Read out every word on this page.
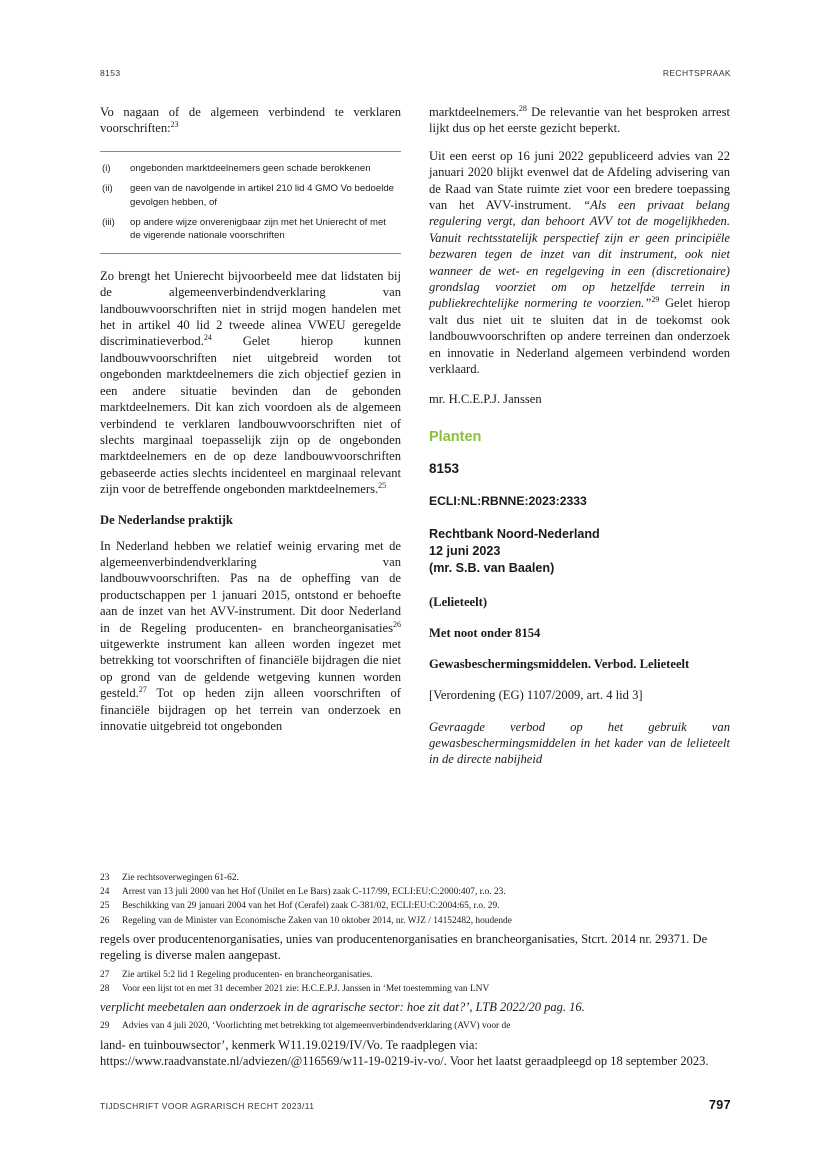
8153	RECHTSPRAAK

Vo nagaan of de algemeen verbindend te verklaren voorschriften:$^{23}$

(i)	ongebonden marktdeelnemers geen schade berokkenen
(ii)	geen van de navolgende in artikel 210 lid 4 GMO Vo bedoelde gevolgen hebben, of
(iii)	op andere wijze onverenigbaar zijn met het Unierecht of met de vigerende nationale voorschriften

Zo brengt het Unierecht bijvoorbeeld mee dat lidstaten bij de algemeenverbindendverklaring van landbouwvoorschriften niet in strijd mogen handelen met het in artikel 40 lid 2 tweede alinea VWEU geregelde discriminatieverbod.$^{24}$ Gelet hierop kunnen landbouwvoorschriften niet uitgebreid worden tot ongebonden marktdeelnemers die zich objectief gezien in een andere situatie bevinden dan de gebonden marktdeelnemers. Dit kan zich voordoen als de algemeen verbindend te verklaren landbouwvoorschriften niet of slechts marginaal toepasselijk zijn op de ongebonden marktdeelnemers en de op deze landbouwvoorschriften gebaseerde acties slechts incidenteel en marginaal relevant zijn voor de betreffende ongebonden marktdeelnemers.$^{25}$

De Nederlandse praktijk

In Nederland hebben we relatief weinig ervaring met de algemeenverbindendverklaring van landbouwvoorschriften. Pas na de opheffing van de productschappen per 1 januari 2015, ontstond er behoefte aan de inzet van het AVV-instrument. Dit door Nederland in de Regeling producenten- en brancheorganisaties$^{26}$ uitgewerkte instrument kan alleen worden ingezet met betrekking tot voorschriften of financiële bijdragen die niet op grond van de geldende wetgeving kunnen worden gesteld.$^{27}$ Tot op heden zijn alleen voorschriften of financiële bijdragen op het terrein van onderzoek en innovatie uitgebreid tot ongebonden

marktdeelnemers.$^{28}$ De relevantie van het besproken arrest lijkt dus op het eerste gezicht beperkt.

Uit een eerst op 16 juni 2022 gepubliceerd advies van 22 januari 2020 blijkt evenwel dat de Afdeling advisering van de Raad van State ruimte ziet voor een bredere toepassing van het AVV-instrument. “Als een privaat belang regulering vergt, dan behoort AVV tot de mogelijkheden. Vanuit rechtsstatelijk perspectief zijn er geen principiële bezwaren tegen de inzet van dit instrument, ook niet wanneer de wet- en regelgeving in een (discretionaire) grondslag voorziet om op hetzelfde terrein in publiekrechtelijke normering te voorzien.”$^{29}$ Gelet hierop valt dus niet uit te sluiten dat in de toekomst ook landbouwvoorschriften op andere terreinen dan onderzoek en innovatie in Nederland algemeen verbindend worden verklaard.

mr. H.C.E.P.J. Janssen
Planten
8153
ECLI:NL:RBNNE:2023:2333
Rechtbank Noord-Nederland
12 juni 2023
(mr. S.B. van Baalen)
(Lelieteelt)
Met noot onder 8154
Gewasbeschermingsmiddelen. Verbod. Lelieteelt
[Verordening (EG) 1107/2009, art. 4 lid 3]
Gevraagde verbod op het gebruik van gewasbeschermingsmiddelen in het kader van de lelieteelt in de directe nabijheid
23	Zie rechtsoverwegingen 61-62.
24	Arrest van 13 juli 2000 van het Hof (Unilet en Le Bars) zaak C-117/99, ECLI:EU:C:2000:407, r.o. 23.
25	Beschikking van 29 januari 2004 van het Hof (Cerafel) zaak C-381/02, ECLI:EU:C:2004:65, r.o. 29.
26	Regeling van de Minister van Economische Zaken van 10 oktober 2014, nr. WJZ / 14152482, houdende
regels over producentenorganisaties, unies van producentenorganisaties en brancheorganisaties, Stcrt. 2014 nr. 29371. De regeling is diverse malen aangepast.
27	Zie artikel 5:2 lid 1 Regeling producenten- en brancheorganisaties.
28	Voor een lijst tot en met 31 december 2021 zie: H.C.E.P.J. Janssen in ‘Met toestemming van LNV
verplicht meebetalen aan onderzoek in de agrarische sector: hoe zit dat?’, LTB 2022/20 pag. 16.
29	Advies van 4 juli 2020, ‘Voorlichting met betrekking tot algemeenverbindendverklaring (AVV) voor de
land- en tuinbouwsector’, kenmerk W11.19.0219/IV/Vo. Te raadplegen via: https://www.raadvanstate.nl/adviezen/@116569/w11-19-0219-iv-vo/. Voor het laatst geraadpleegd op 18 september 2023.
TIJDSCHRIFT VOOR AGRARISCH RECHT 2023/11	797
